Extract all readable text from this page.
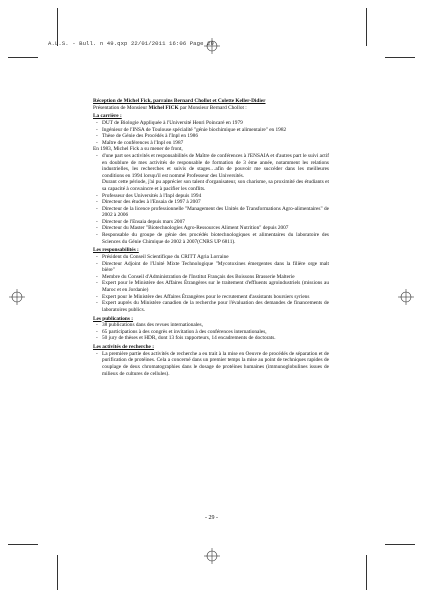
A.L.S. - Bull. n 49.qxp 22/01/2011 16:06 Page 29
Réception de Michel Fick, parrains Bernard Chollot et Colette Keller-Didier
Présentation de Monsieur Michel FICK par Monsieur Bernard Chollot :
La carrière :
- DUT de Biologie Appliquée à l'Université Henri Poincaré en 1979
- Ingénieur de l'INSA de Toulouse spécialité "génie biochimique et alimentaire" en 1982
- Thèse de Génie des Procédés à l'Inpl en 1986
- Maître de conférences à l'Inpl en 1987
En 1983, Michel Fick a su mener de front,
- d'une part ses activités et responsabilités de Maître de conférences à l'ENSAIA et d'autres part le suivi actif en doublure de mes activités de responsable de formation de 3 ème année, notamment les relations industrielles, les recherches et suivis de stages…afin de pouvoir me succéder dans les meilleures conditions en 1994 lorsqu'il est nommé Professeur des Universités.
Durant cette période, j'ai pu apprécier son talent d'organisateur, son charisme, sa proximité des étudiants et sa capacité à convaincre et à pacifier les conflits.
- Professeur des Universités à l'Inpl depuis 1994
- Directeur des études à l'Ensaia de 1997 à 2007
- Directeur de la licence professionnelle "Management des Unités de Transformations Agro-alimentaires" de 2002 à 2006
- Directeur de l'Ensaia depuis mars 2007
- Directeur du Master "Biotechnologies Agro-Ressources Aliment Nutrition" depuis 2007
- Responsable du groupe de génie des procédés biotechnologiques et alimentaires du laboratoire des Sciences du Génie Chimique de 2002 à 2007(CNRS UP 6811).
Les responsabilités :
- Président du Conseil Scientifique du CRITT Agria Lorraine
- Directeur Adjoint de l'Unité Mixte Technologique "Mycotoxines émergentes dans la filière orge malt bière"
- Membre du Conseil d'Administration de l'Institut Français des Boissons Brasserie Malterie
- Expert pour le Ministère des Affaires Étrangères sur le traitement d'effluents agroindustriels (missions au Maroc et en Jordanie)
- Expert pour le Ministère des Affaires Étrangères pour le recrutement d'assistants boursiers syriens
- Expert auprès du Ministère canadien de la recherche pour l'évaluation des demandes de financements de laboratoires publics.
Les publications :
- 38 publications dans des revues internationales,
- 65 participations à des congrès et invitation à des conférences internationales,
- 50 jury de thèses et HDR, dont 13 fois rapporteurs, 14 encadrements de doctorats.
Les activités de recherche :
- La première partie des activités de recherche a eu trait à la mise en Oeuvre de procédés de séparation et de purification de protéines. Cela a concerné dans un premier temps la mise au point de techniques rapides de couplage de deux chromatographies dans le dosage de protéines humaines (immunoglobulines issues de milieux de cultures de cellules).
- 29 -
